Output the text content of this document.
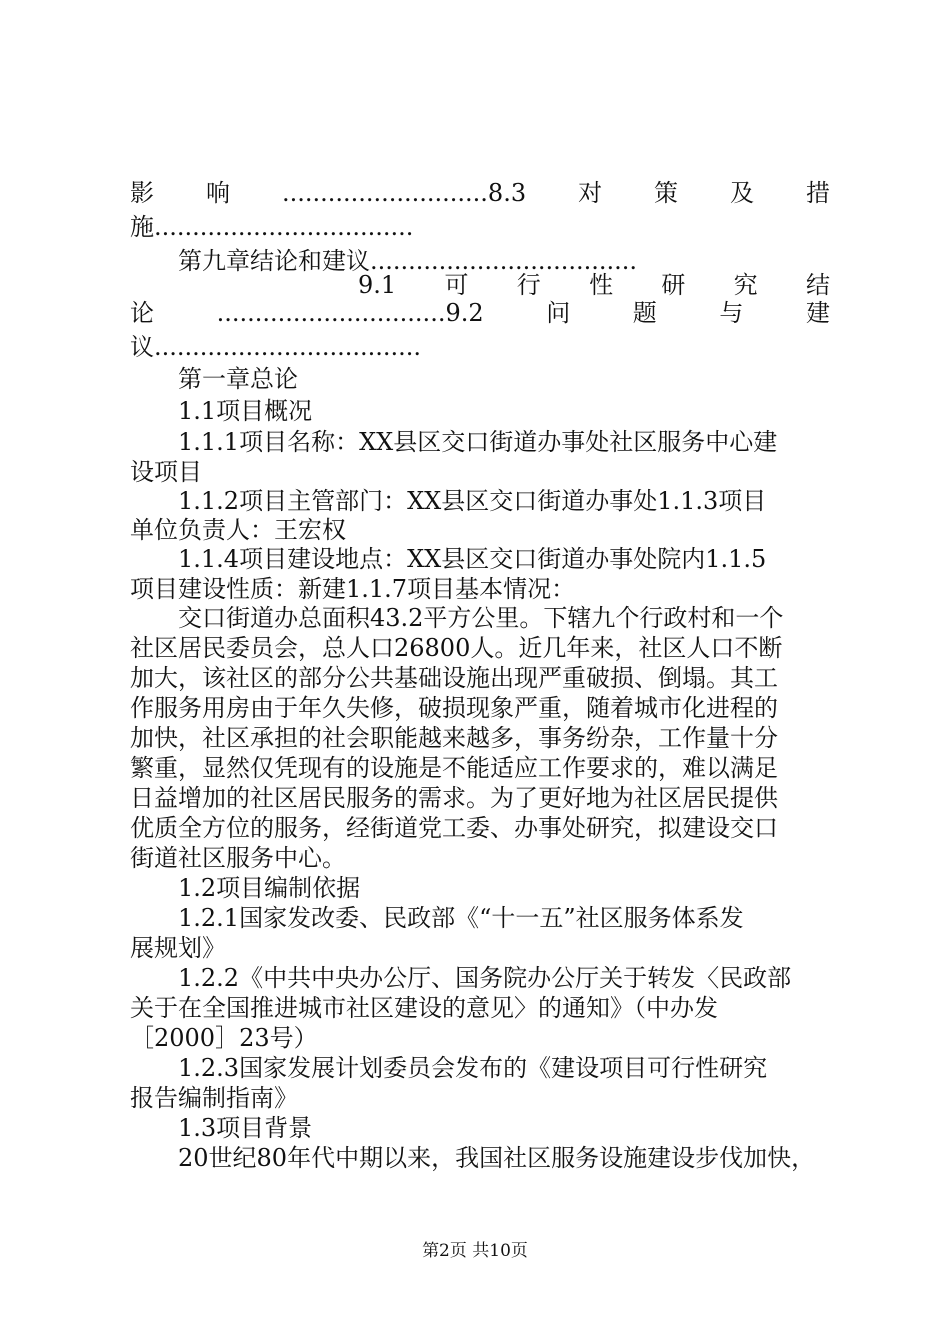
影 响 ...........................8.3 对 策 及 措
施..................................
第九章结论和建议...................................
9.1 可 行 性 研 究 结
论	..............................9.2	问	题	与	建
议...................................
第一章总论
1.1项目概况
1.1.1项目名称：XX县区交口街道办事处社区服务中心建
设项目
1.1.2项目主管部门：XX县区交口街道办事处1.1.3项目
单位负责人：王宏权
1.1.4项目建设地点：XX县区交口街道办事处院内1.1.5
项目建设性质：新建1.1.7项目基本情况：
交口街道办总面积43.2平方公里。下辖九个行政村和一个
社区居民委员会，总人口26800人。近几年来，社区人口不断
加大，该社区的部分公共基础设施出现严重破损、倒塌。其工
作服务用房由于年久失修，破损现象严重，随着城市化进程的
加快，社区承担的社会职能越来越多，事务纷杂，工作量十分
繁重，显然仅凭现有的设施是不能适应工作要求的，难以满足
日益增加的社区居民服务的需求。为了更好地为社区居民提供
优质全方位的服务，经街道党工委、办事处研究，拟建设交口
街道社区服务中心。
1.2项目编制依据
1.2.1国家发改委、民政部《“十一五”社区服务体系发
展规划》
1.2.2《中共中央办公厅、国务院办公厅关于转发〈民政部
关于在全国推进城市社区建设的意见〉的通知》（中办发
［2000］23号）
1.2.3国家发展计划委员会发布的《建设项目可行性研究
报告编制指南》
1.3项目背景
20世纪80年代中期以来，我国社区服务设施建设步伐加快，
第2页 共10页
